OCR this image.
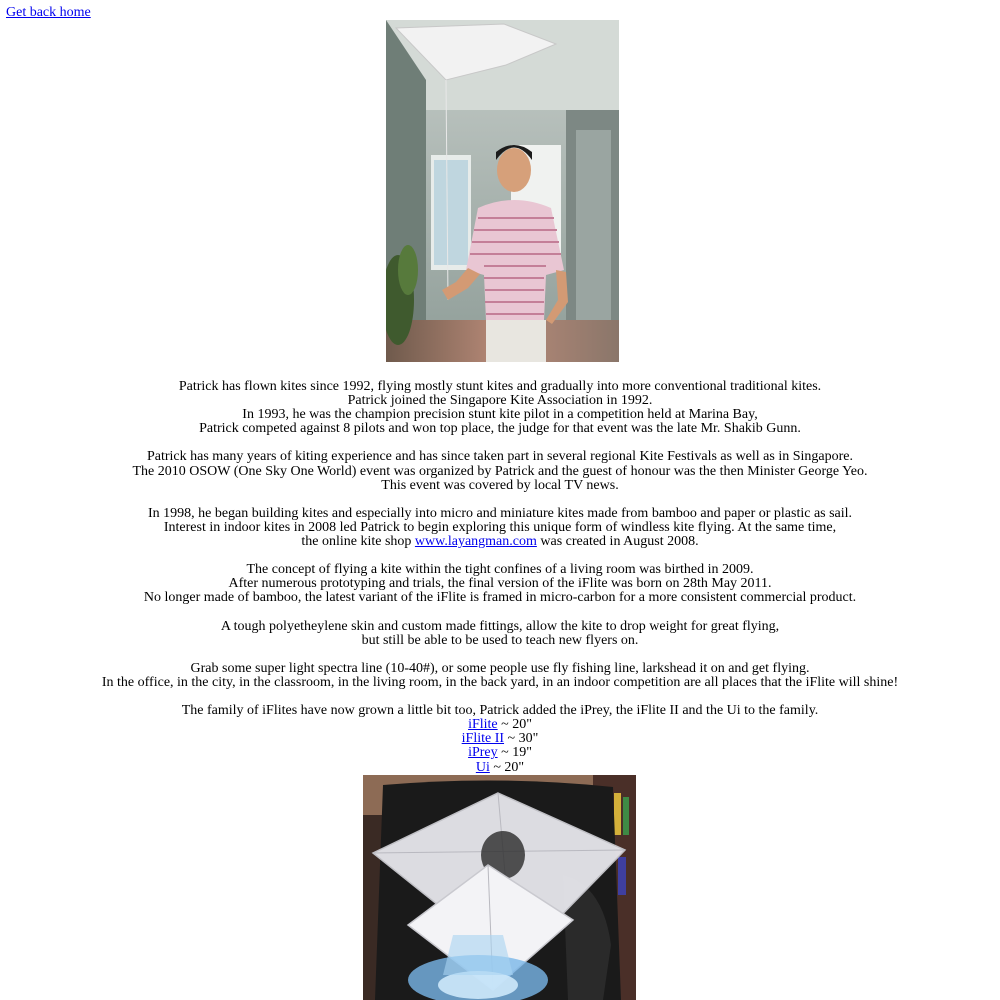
Get back home

Patrick has flown kites since 1992, flying mostly stunt kites and gradually into more conventional traditional kites.
Patrick joined the Singapore Kite Association in 1992.
In 1993, he was the champion precision stunt kite pilot in a competition held at Marina Bay,
Patrick competed against 8 pilots and won top place, the judge for that event was the late Mr. Shakib Gunn.

Patrick has many years of kiting experience and has since taken part in several regional Kite Festivals as well as in Singapore.
The 2010 OSOW (One Sky One World) event was organized by Patrick and the guest of honour was the then Minister George Yeo.
This event was covered by local TV news.

In 1998, he began building kites and especially into micro and miniature kites made from bamboo and paper or plastic as sail.
Interest in indoor kites in 2008 led Patrick to begin exploring this unique form of windless kite flying. At the same time,
the online kite shop www.layangman.com was created in August 2008.

The concept of flying a kite within the tight confines of a living room was birthed in 2009.
After numerous prototyping and trials, the final version of the iFlite was born on 28th May 2011.
No longer made of bamboo, the latest variant of the iFlite is framed in micro-carbon for a more consistent commercial product.

A tough polyetheylene skin and custom made fittings, allow the kite to drop weight for great flying,
but still be able to be used to teach new flyers on.

Grab some super light spectra line (10-40#), or some people use fly fishing line, larkshead it on and get flying.
In the office, in the city, in the classroom, in the living room, in the back yard, in an indoor competition are all places that the iFlite will shine!

The family of iFlites have now grown a little bit too, Patrick added the iPrey, the iFlite II and the Ui to the family.
iFlite ~ 20"
iFlite II ~ 30"
iPrey ~ 19"
Ui ~ 20"
